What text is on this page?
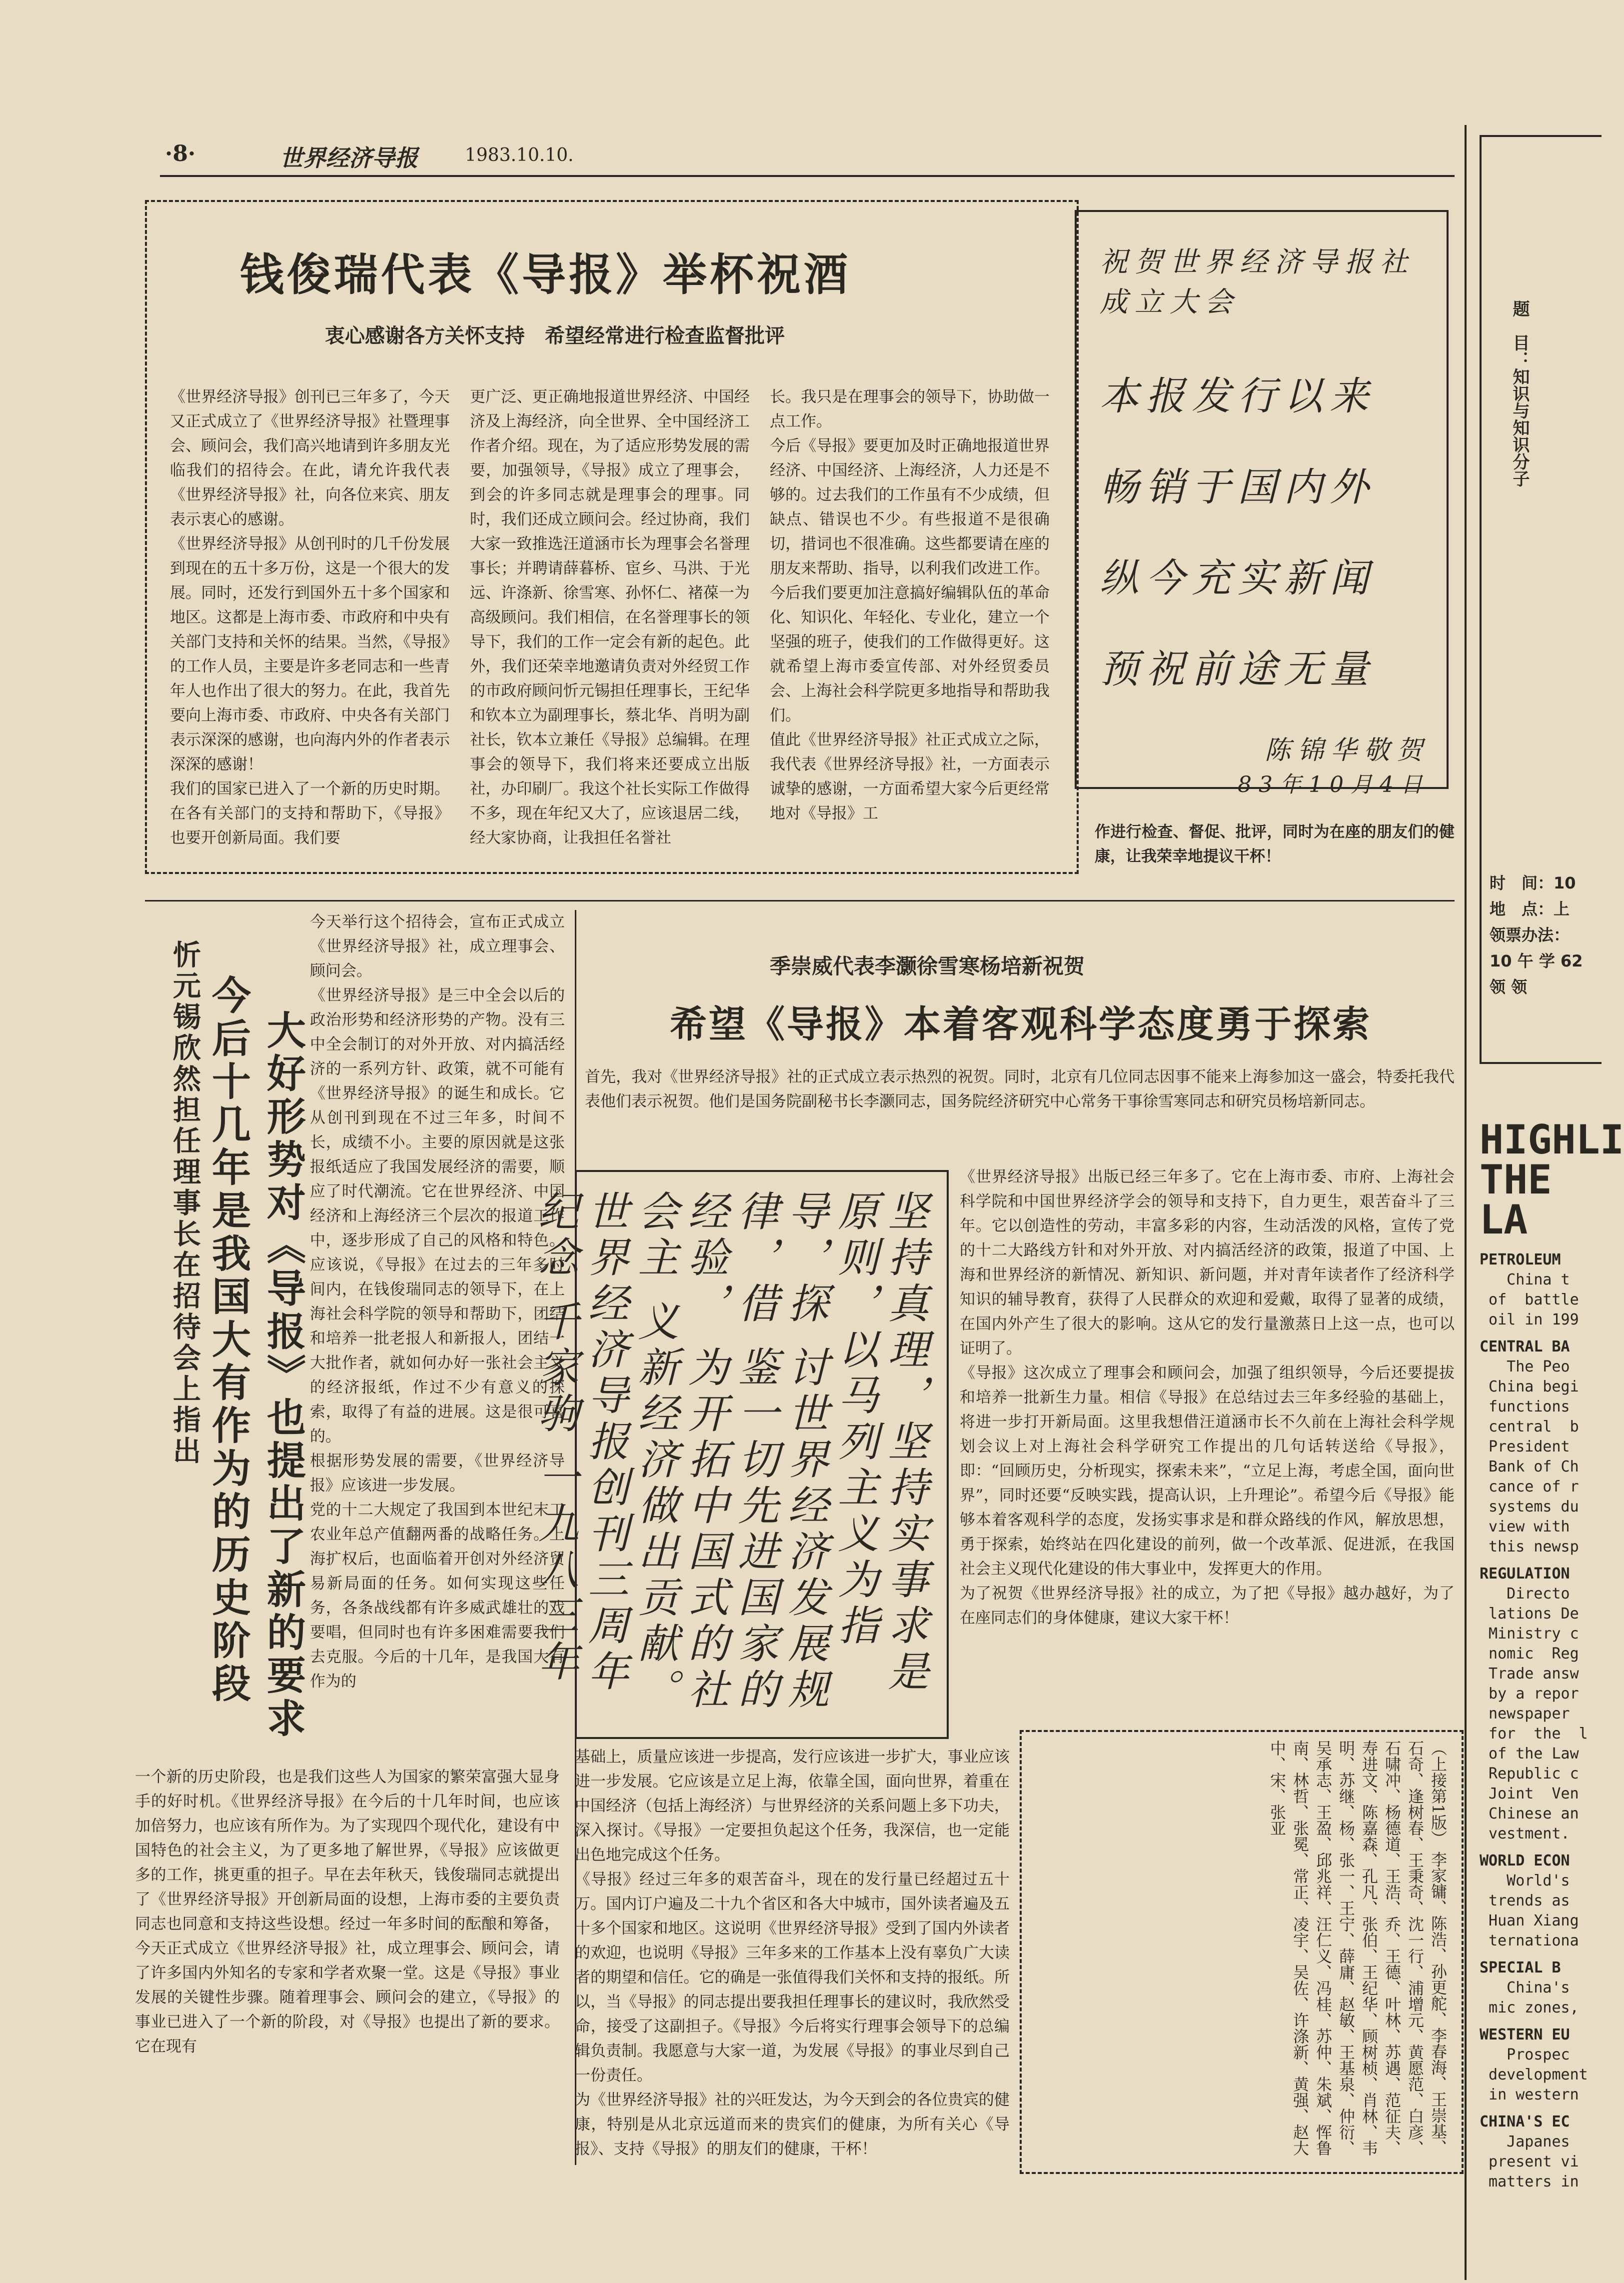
·8·	世界经济导报	1983.10.10.
钱俊瑞代表《导报》举杯祝酒
衷心感谢各方关怀支持　希望经常进行检查监督批评
《世界经济导报》创刊已三年多了，今天又正式成立了《世界经济导报》社暨理事会、顾问会，我们高兴地请到许多朋友光临我们的招待会。在此，请允许我代表《世界经济导报》社，向各位来宾、朋友表示衷心的感谢。
《世界经济导报》从创刊时的几千份发展到现在的五十多万份，这是一个很大的发展。同时，还发行到国外五十多个国家和地区。这都是上海市委、市政府和中央有关部门支持和关怀的结果。当然，《导报》的工作人员，主要是许多老同志和一些青年人也作出了很大的努力。在此，我首先要向上海市委、市政府、中央各有关部门表示深深的感谢，也向海内外的作者表示深深的感谢！
我们的国家已进入了一个新的历史时期。在各有关部门的支持和帮助下，《导报》也要开创新局面。我们要
更广泛、更正确地报道世界经济、中国经济及上海经济，向全世界、全中国经济工作者介绍。现在，为了适应形势发展的需要，加强领导，《导报》成立了理事会，到会的许多同志就是理事会的理事。同时，我们还成立顾问会。经过协商，我们大家一致推选汪道涵市长为理事会名誉理事长；并聘请薛暮桥、宦乡、马洪、于光远、许涤新、徐雪寒、孙怀仁、褚葆一为高级顾问。我们相信，在名誉理事长的领导下，我们的工作一定会有新的起色。此外，我们还荣幸地邀请负责对外经贸工作的市政府顾问忻元锡担任理事长，王纪华和钦本立为副理事长，蔡北华、肖明为副社长，钦本立兼任《导报》总编辑。在理事会的领导下，我们将来还要成立出版社，办印刷厂。我这个社长实际工作做得不多，现在年纪又大了，应该退居二线，经大家协商，让我担任名誉社
长。我只是在理事会的领导下，协助做一点工作。
今后《导报》要更加及时正确地报道世界经济、中国经济、上海经济，人力还是不够的。过去我们的工作虽有不少成绩，但缺点、错误也不少。有些报道不是很确切，措词也不很准确。这些都要请在座的朋友来帮助、指导，以利我们改进工作。今后我们要更加注意搞好编辑队伍的革命化、知识化、年轻化、专业化，建立一个坚强的班子，使我们的工作做得更好。这就希望上海市委宣传部、对外经贸委员会、上海社会科学院更多地指导和帮助我们。
值此《世界经济导报》社正式成立之际，我代表《世界经济导报》社，一方面表示诚挚的感谢，一方面希望大家今后更经常地对《导报》工
作进行检查、督促、批评，同时为在座的朋友们的健康，让我荣幸地提议干杯！
祝贺世界经济导报社成立大会
本报发行以来
畅销于国内外
纵今充实新闻
预祝前途无量
陈锦华敬贺
83年10月4日
忻元锡欣然担任理事长在招待会上指出 今后十几年是我国大有作为的历史阶段 大好形势对《导报》也提出了新的要求
今天举行这个招待会，宣布正式成立《世界经济导报》社，成立理事会、顾问会。
《世界经济导报》是三中全会以后的政治形势和经济形势的产物。没有三中全会制订的对外开放、对内搞活经济的一系列方针、政策，就不可能有《世界经济导报》的诞生和成长。它从创刊到现在不过三年多，时间不长，成绩不小。主要的原因就是这张报纸适应了我国发展经济的需要，顺应了时代潮流。它在世界经济、中国经济和上海经济三个层次的报道工作中，逐步形成了自己的风格和特色。应该说，《导报》在过去的三年多时间内，在钱俊瑞同志的领导下，在上海社会科学院的领导和帮助下，团结和培养一批老报人和新报人，团结一大批作者，就如何办好一张社会主义的经济报纸，作过不少有意义的探索，取得了有益的进展。这是很可喜的。
根据形势发展的需要，《世界经济导报》应该进一步发展。
党的十二大规定了我国到本世纪末工农业年总产值翻两番的战略任务。上海扩权后，也面临着开创对外经济贸易新局面的任务。如何实现这些任务，各条战线都有许多威武雄壮的戏要唱，但同时也有许多困难需要我们去克服。今后的十几年，是我国大有作为的
一个新的历史阶段，也是我们这些人为国家的繁荣富强大显身手的好时机。《世界经济导报》在今后的十几年时间，也应该加倍努力，也应该有所作为。为了实现四个现代化，建设有中国特色的社会主义，为了更多地了解世界，《导报》应该做更多的工作，挑更重的担子。早在去年秋天，钱俊瑞同志就提出了《世界经济导报》开创新局面的设想，上海市委的主要负责同志也同意和支持这些设想。经过一年多时间的酝酿和筹备，今天正式成立《世界经济导报》社，成立理事会、顾问会，请了许多国内外知名的专家和学者欢聚一堂。这是《导报》事业发展的关键性步骤。随着理事会、顾问会的建立，《导报》的事业已进入了一个新的阶段，对《导报》也提出了新的要求。它在现有
季崇威代表李灏徐雪寒杨培新祝贺
希望《导报》本着客观科学态度勇于探索
首先，我对《世界经济导报》社的正式成立表示热烈的祝贺。同时，北京有几位同志因事不能来上海参加这一盛会，特委托我代表他们表示祝贺。他们是国务院副秘书长李灏同志，国务院经济研究中心常务干事徐雪寒同志和研究员杨培新同志。
坚持真理，坚持实事求是 原则，以马列主义为指导，探 讨世界经济发展规律，借 鉴一切先进国家的经验， 为开拓中国式的社会主 义新经济做出贡献。 世界经济导报创刊三周年纪念 千家驹 一九八三年
《世界经济导报》出版已经三年多了。它在上海市委、市府、上海社会科学院和中国世界经济学会的领导和支持下，自力更生，艰苦奋斗了三年。它以创造性的劳动，丰富多彩的内容，生动活泼的风格，宣传了党的十二大路线方针和对外开放、对内搞活经济的政策，报道了中国、上海和世界经济的新情况、新知识、新问题，并对青年读者作了经济科学知识的辅导教育，获得了人民群众的欢迎和爱戴，取得了显著的成绩，在国内外产生了很大的影响。这从它的发行量激蒸日上这一点，也可以证明了。
《导报》这次成立了理事会和顾问会，加强了组织领导，今后还要提拔和培养一批新生力量。相信《导报》在总结过去三年多经验的基础上，将进一步打开新局面。这里我想借汪道涵市长不久前在上海社会科学规划会议上对上海社会科学研究工作提出的几句话转送给《导报》，即：“回顾历史，分析现实，探索未来”，“立足上海，考虑全国，面向世界”，同时还要“反映实践，提高认识，上升理论”。希望今后《导报》能够本着客观科学的态度，发扬实事求是和群众路线的作风，解放思想，勇于探索，始终站在四化建设的前列，做一个改革派、促进派，在我国社会主义现代化建设的伟大事业中，发挥更大的作用。
为了祝贺《世界经济导报》社的成立，为了把《导报》越办越好，为了在座同志们的身体健康，建议大家干杯！
基础上，质量应该进一步提高，发行应该进一步扩大，事业应该进一步发展。它应该是立足上海，依靠全国，面向世界，着重在中国经济（包括上海经济）与世界经济的关系问题上多下功夫，深入探讨。《导报》一定要担负起这个任务，我深信，也一定能出色地完成这个任务。
《导报》经过三年多的艰苦奋斗，现在的发行量已经超过五十万。国内订户遍及二十九个省区和各大中城市，国外读者遍及五十多个国家和地区。这说明《世界经济导报》受到了国内外读者的欢迎，也说明《导报》三年多来的工作基本上没有辜负广大读者的期望和信任。它的确是一张值得我们关怀和支持的报纸。所以，当《导报》的同志提出要我担任理事长的建议时，我欣然受命，接受了这副担子。《导报》今后将实行理事会领导下的总编辑负责制。我愿意与大家一道，为发展《导报》的事业尽到自己一份责任。
为《世界经济导报》社的兴旺发达，为今天到会的各位贵宾的健康，特别是从北京远道而来的贵宾们的健康，为所有关心《导报》、支持《导报》的朋友们的健康，干杯！
（上接第1版） 李家镛、陈浩、孙更舵、李春海、王崇基、石奇、逢树春、王秉奇、沈一行、浦增元、黄愿范、白彦、石啸冲、杨德道、王浩、乔、王德、叶林、苏遇、范征夫、寿进文、陈嘉森、孔凡、张伯、王纪华、顾树桢、肖林、韦明、苏继、杨、张一、王宁、薛庸、赵敏、王基泉、仲衍、吴承志、王盈、邱兆祥、汪仁义、冯桂、苏仲、朱斌、恽鲁南、林哲、张冕、常正、凌宇、吴佐、许涤新、黄强、赵大中、宋、张亚
题　目：知识与知识分子
时　间：10
地　点：上
领票办法：10 午 学 62 领 领
HIGHLI
THE LA
PETROLEUM
China t
of  battle
oil in 199
CENTRAL BA
The Peo
China begi
functions
central  b
President
Bank of Ch
cance of r
systems du
view with
this newsp
REGULATION
Directo
lations De
Ministry c
nomic  Reg
Trade answ
by a repor
newspaper
for  the  l
of the Law
Republic c
Joint  Ven
Chinese an
vestment.
WORLD ECON
World's
trends as
Huan Xiang
ternationa
SPECIAL B
China's
mic zones,
WESTERN EU
Prospec
development
in western
CHINA'S EC
Japanes
present vi
matters in
